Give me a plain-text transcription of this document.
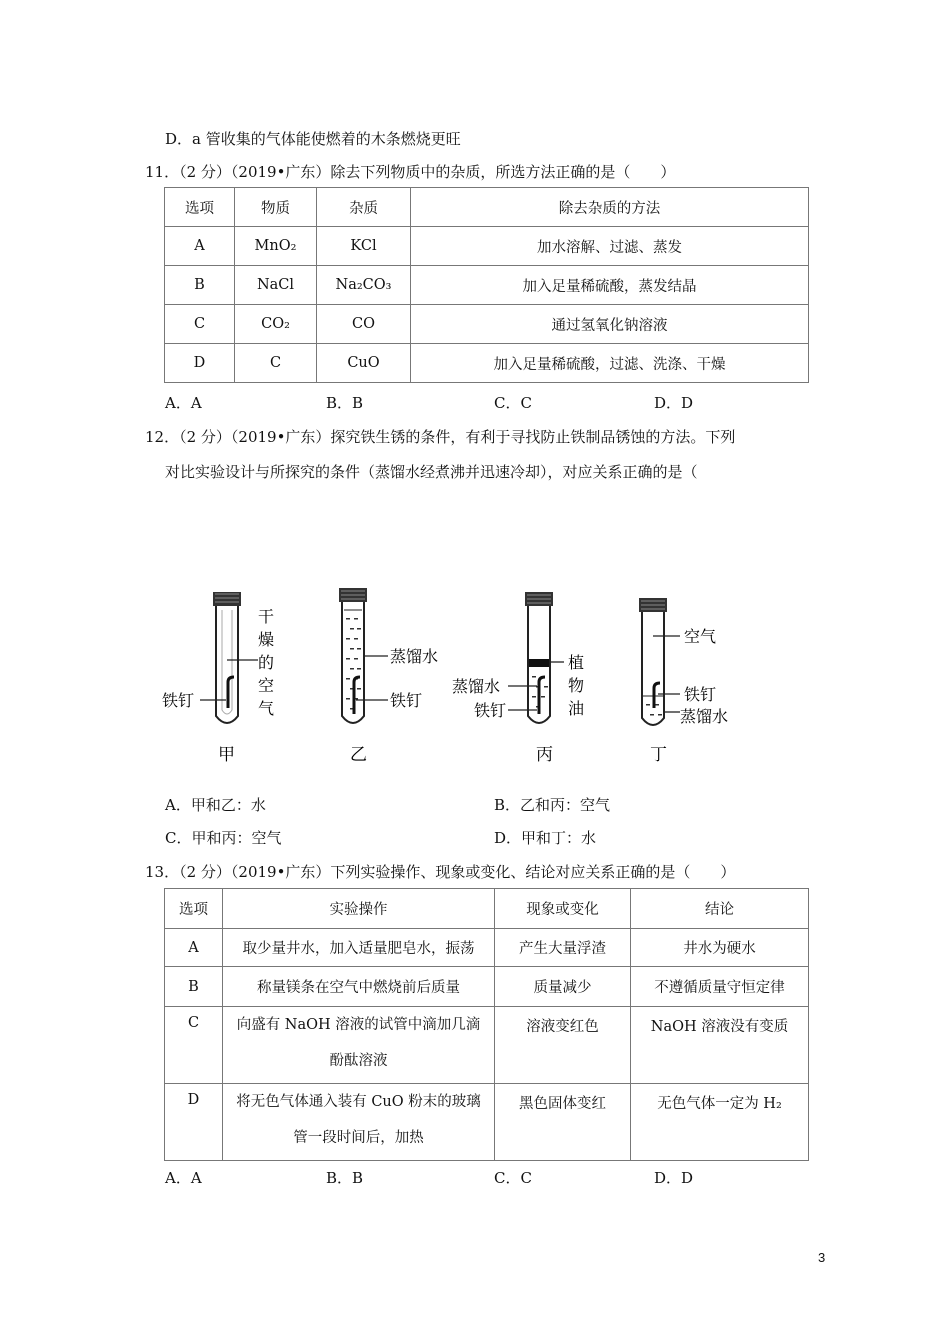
D．a 管收集的气体能使燃着的木条燃烧更旺
11．（2 分）（2019•广东）除去下列物质中的杂质，所选方法正确的是（　　）
选项	物质	杂质	除去杂质的方法
A	MnO₂	KCl	加水溶解、过滤、蒸发
B	NaCl	Na₂CO₃	加入足量稀硫酸，蒸发结晶
C	CO₂	CO	通过氢氧化钠溶液
D	C	CuO	加入足量稀硫酸，过滤、洗涤、干燥
A．A	B．B	C．C	D．D
12．（2 分）（2019•广东）探究铁生锈的条件，有利于寻找防止铁制品锈蚀的方法。下列
对比实验设计与所探究的条件（蒸馏水经煮沸并迅速冷却），对应关系正确的是（
铁钉
干
燥
的
空
气
甲
蒸馏水
铁钉
乙
蒸馏水
铁钉
植
物
油
丙
空气
铁钉
蒸馏水
丁
A．甲和乙：水	B．乙和丙：空气
C．甲和丙：空气	D．甲和丁：水
13．（2 分）（2019•广东）下列实验操作、现象或变化、结论对应关系正确的是（　　）
选项	实验操作	现象或变化	结论
A	取少量井水，加入适量肥皂水，振荡	产生大量浮渣	井水为硬水
B	称量镁条在空气中燃烧前后质量	质量减少	不遵循质量守恒定律
C	向盛有 NaOH 溶液的试管中滴加几滴
酚酞溶液	溶液变红色	NaOH 溶液没有变质
D	将无色气体通入装有 CuO 粉末的玻璃
管一段时间后，加热	黑色固体变红	无色气体一定为 H₂
A．A	B．B	C．C	D．D
3
